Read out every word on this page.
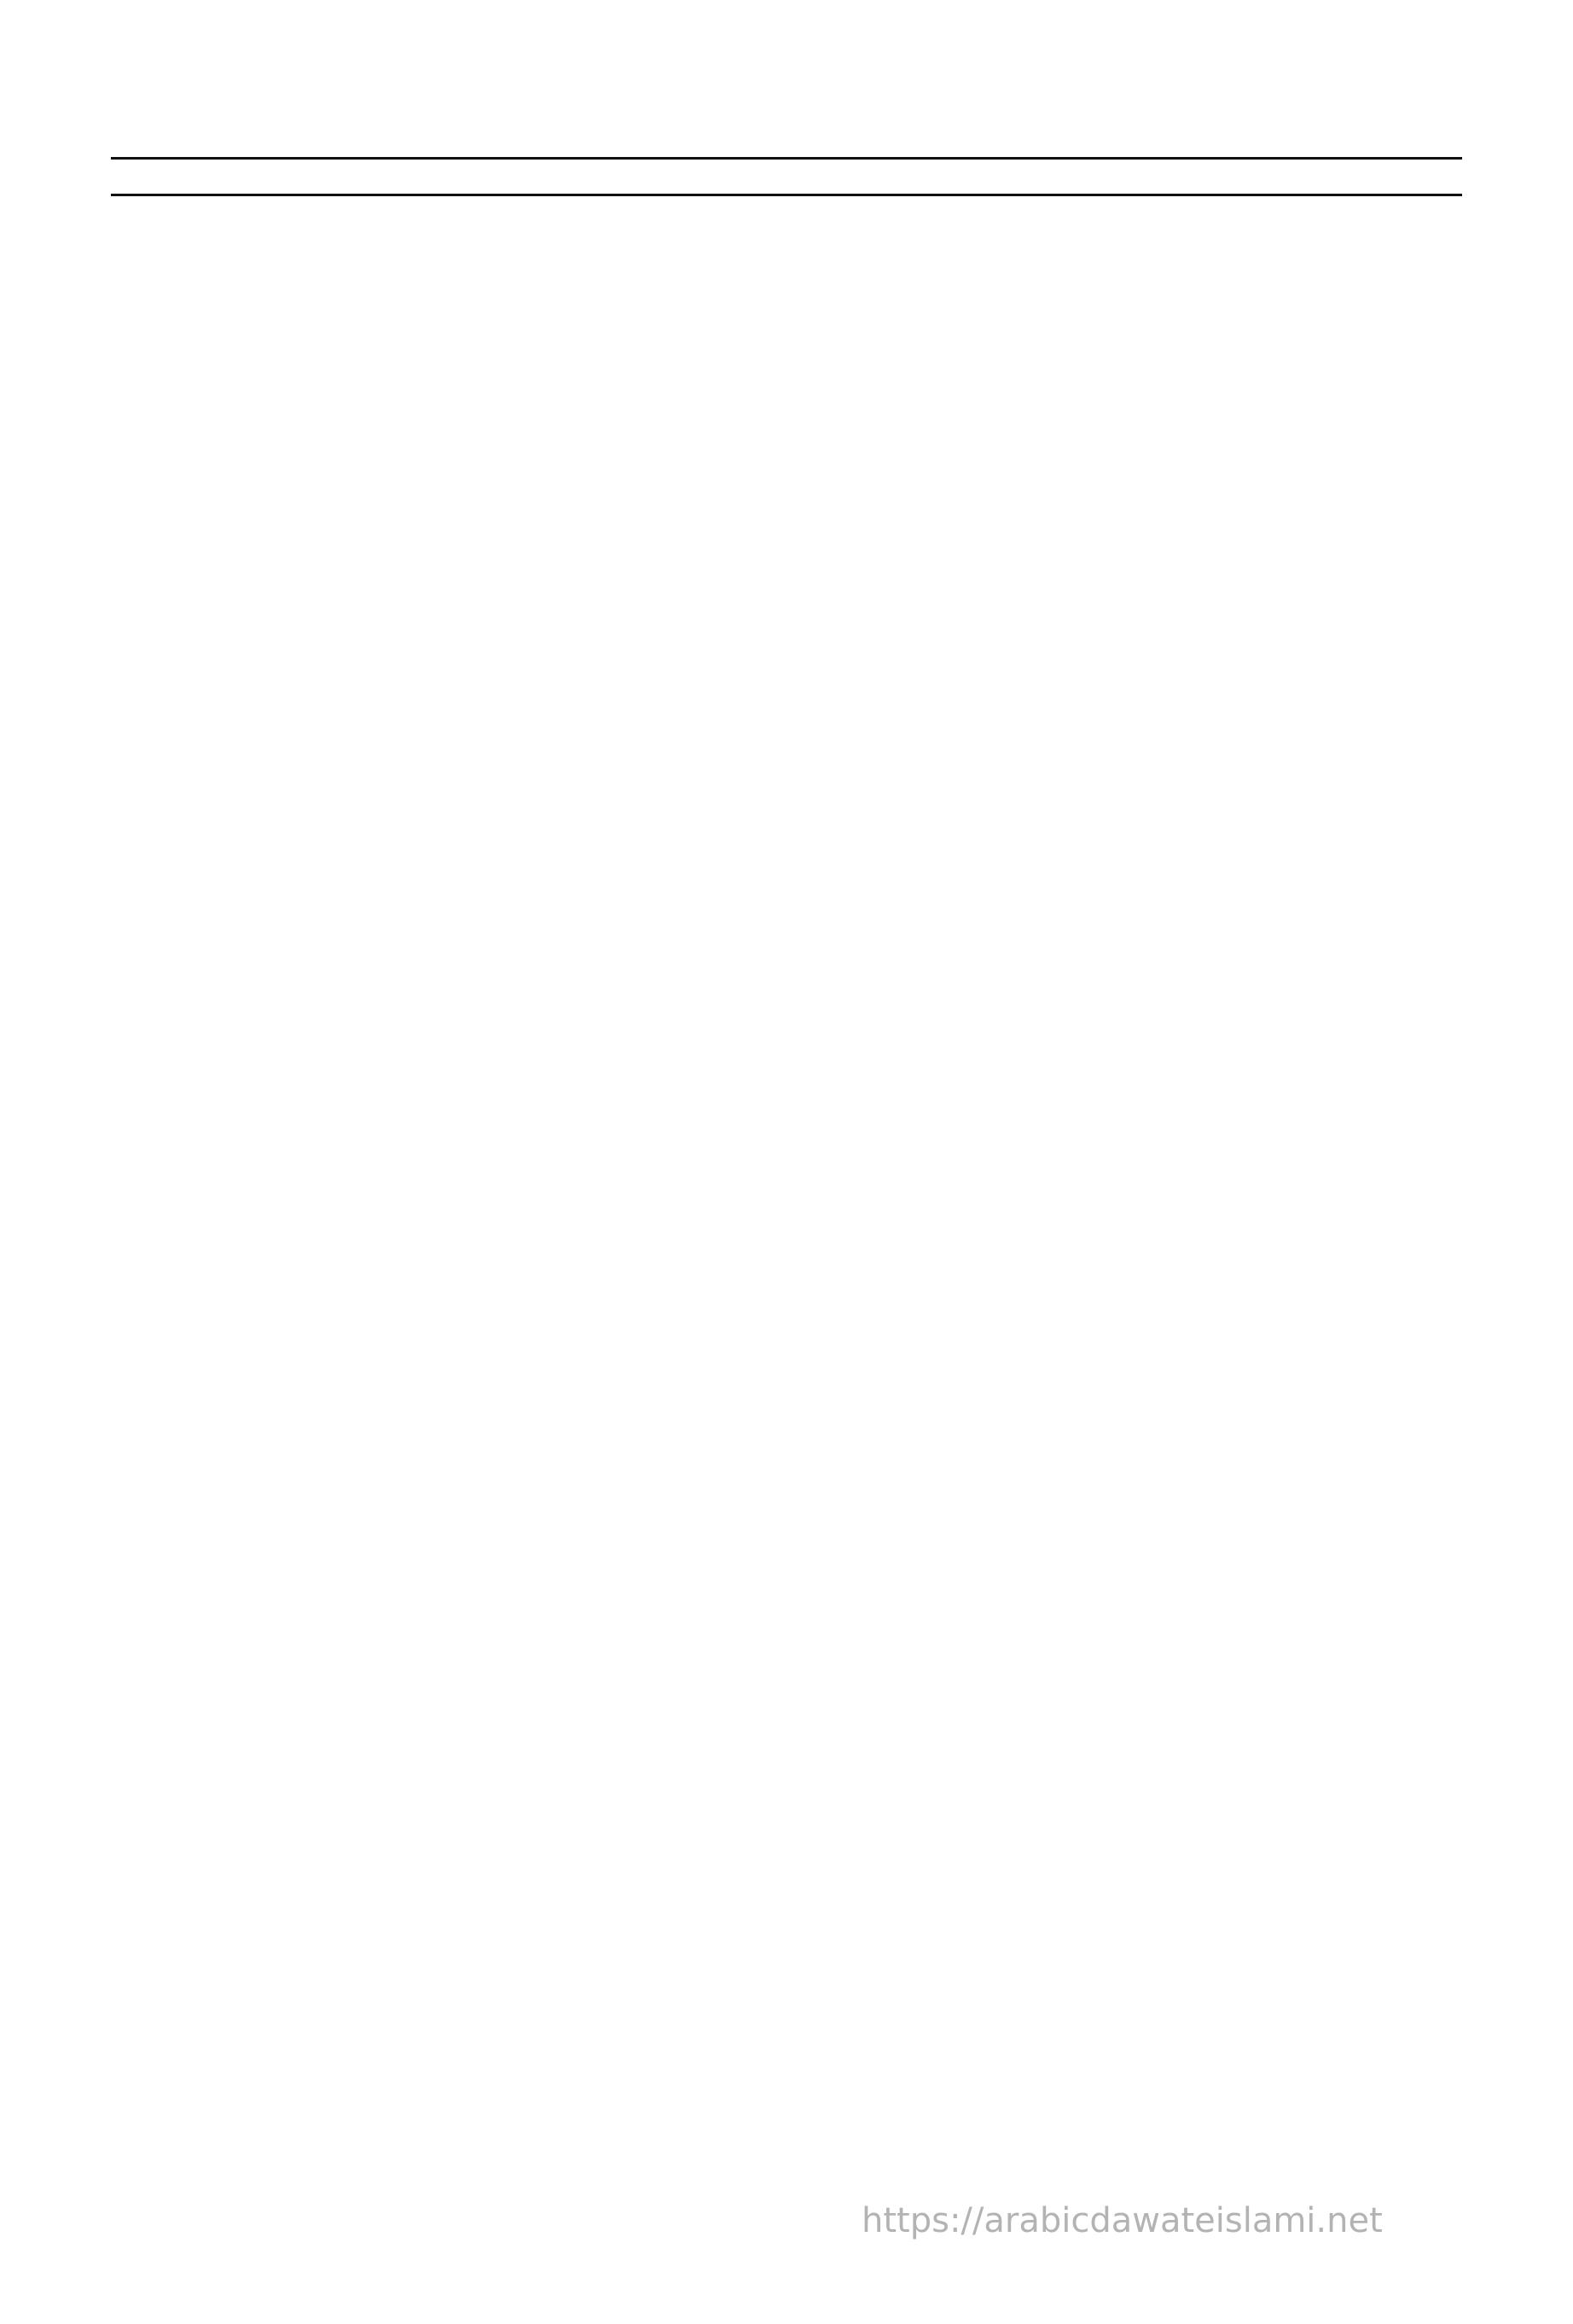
https://arabicdawateislami.net
